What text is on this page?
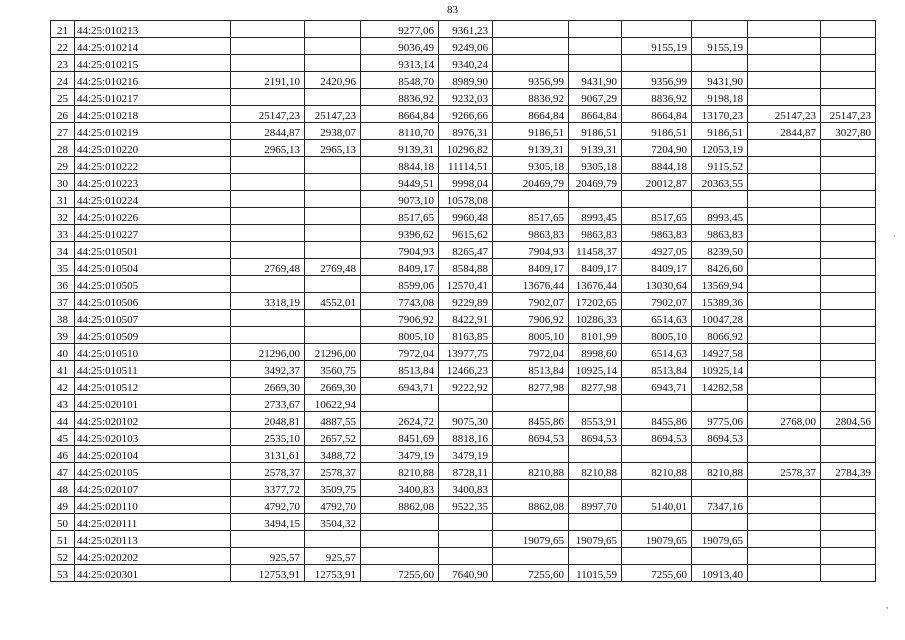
83
21	44:25:010213			9277,06	9361,23						
22	44:25:010214			9036,49	9249,06			9155,19	9155,19		
23	44:25:010215			9313,14	9340,24						
24	44:25:010216	2191,10	2420,96	8548,70	8989,90	9356,99	9431,90	9356,99	9431,90		
25	44:25:010217			8836,92	9232,03	8836,92	9067,29	8836,92	9198,18		
26	44:25:010218	25147,23	25147,23	8664,84	9266,66	8664,84	8664,84	8664,84	13170,23	25147,23	25147,23
27	44:25:010219	2844,87	2938,07	8110,70	8976,31	9186,51	9186,51	9186,51	9186,51	2844,87	3027,80
28	44:25:010220	2965,13	2965,13	9139,31	10296,82	9139,31	9139,31	7204,90	12053,19		
29	44:25:010222			8844,18	11114,51	9305,18	9305,18	8844,18	9115,52		
30	44:25:010223			9449,51	9998,04	20469,79	20469,79	20012,87	20363,55		
31	44:25:010224			9073,10	10578,08						
32	44:25:010226			8517,65	9960,48	8517,65	8993,45	8517,65	8993,45		
33	44:25:010227			9396,62	9615,62	9863,83	9863,83	9863,83	9863,83		
34	44:25:010501			7904,93	8265,47	7904,93	11458,37	4927,05	8239,50		
35	44:25:010504	2769,48	2769,48	8409,17	8584,88	8409,17	8409,17	8409,17	8426,60		
36	44:25:010505			8599,06	12570,41	13676,44	13676,44	13030,64	13569,94		
37	44:25:010506	3318,19	4552,01	7743,08	9229,89	7902,07	17202,65	7902,07	15389,36		
38	44:25:010507			7906,92	8422,91	7906,92	10286,33	6514,63	10047,28		
39	44:25:010509			8005,10	8163,85	8005,10	8101,99	8005,10	8066,92		
40	44:25:010510	21296,00	21296,00	7972,04	13977,75	7972,04	8998,60	6514,63	14927,58		
41	44:25:010511	3492,37	3560,75	8513,84	12466,23	8513,84	10925,14	8513,84	10925,14		
42	44:25:010512	2669,30	2669,30	6943,71	9222,92	8277,98	8277,98	6943,71	14282,58		
43	44:25:020101	2733,67	10622,94								
44	44:25:020102	2048,81	4887,55	2624,72	9075,30	8455,86	8553,91	8455,86	9775,06	2768,00	2804,56
45	44:25:020103	2535,10	2657,52	8451,69	8818,16	8694,53	8694,53	8694,53	8694,53		
46	44:25:020104	3131,61	3488,72	3479,19	3479,19						
47	44:25:020105	2578,37	2578,37	8210,88	8728,11	8210,88	8210,88	8210,88	8210,88	2578,37	2784,39
48	44:25:020107	3377,72	3509,75	3400,83	3400,83						
49	44:25:020110	4792,70	4792,70	8862,08	9522,35	8862,08	8997,70	5140,01	7347,16		
50	44:25:020111	3494,15	3504,32								
51	44:25:020113					19079,65	19079,65	19079,65	19079,65		
52	44:25:020202	925,57	925,57								
53	44:25:020301	12753,91	12753,91	7255,60	7640,90	7255,60	11015,59	7255,60	10913,40		
·
,
